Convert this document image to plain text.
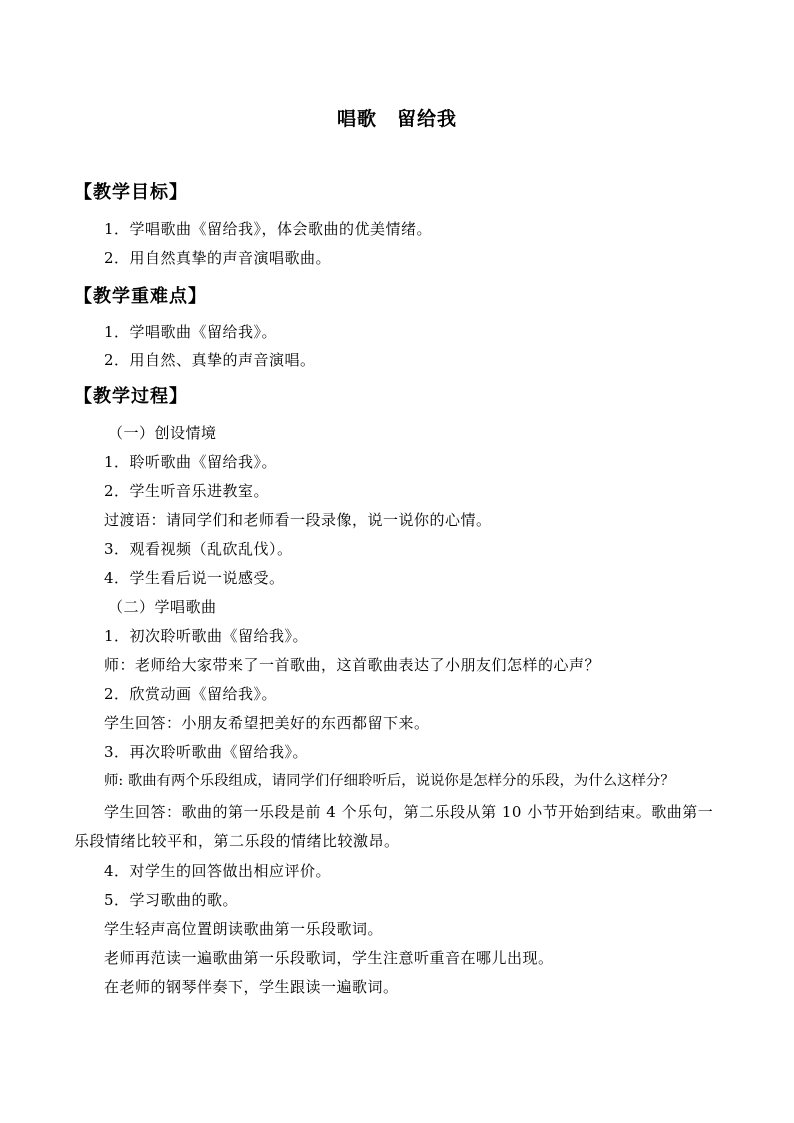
唱歌　留给我
【教学目标】
1．学唱歌曲《留给我》，体会歌曲的优美情绪。
2．用自然真挚的声音演唱歌曲。
【教学重难点】
1．学唱歌曲《留给我》。
2．用自然、真挚的声音演唱。
【教学过程】
（一）创设情境
1．聆听歌曲《留给我》。
2．学生听音乐进教室。
过渡语：请同学们和老师看一段录像，说一说你的心情。
3．观看视频（乱砍乱伐）。
4．学生看后说一说感受。
（二）学唱歌曲
1．初次聆听歌曲《留给我》。
师：老师给大家带来了一首歌曲，这首歌曲表达了小朋友们怎样的心声？
2．欣赏动画《留给我》。
学生回答：小朋友希望把美好的东西都留下来。
3．再次聆听歌曲《留给我》。
师: 歌曲有两个乐段组成，请同学们仔细聆听后，说说你是怎样分的乐段，为什么这样分？
学生回答：歌曲的第一乐段是前 4 个乐句，第二乐段从第 10 小节开始到结束。歌曲第一乐段情绪比较平和，第二乐段的情绪比较激昂。
4．对学生的回答做出相应评价。
5．学习歌曲的歌。
学生轻声高位置朗读歌曲第一乐段歌词。
老师再范读一遍歌曲第一乐段歌词，学生注意听重音在哪儿出现。
在老师的钢琴伴奏下，学生跟读一遍歌词。
